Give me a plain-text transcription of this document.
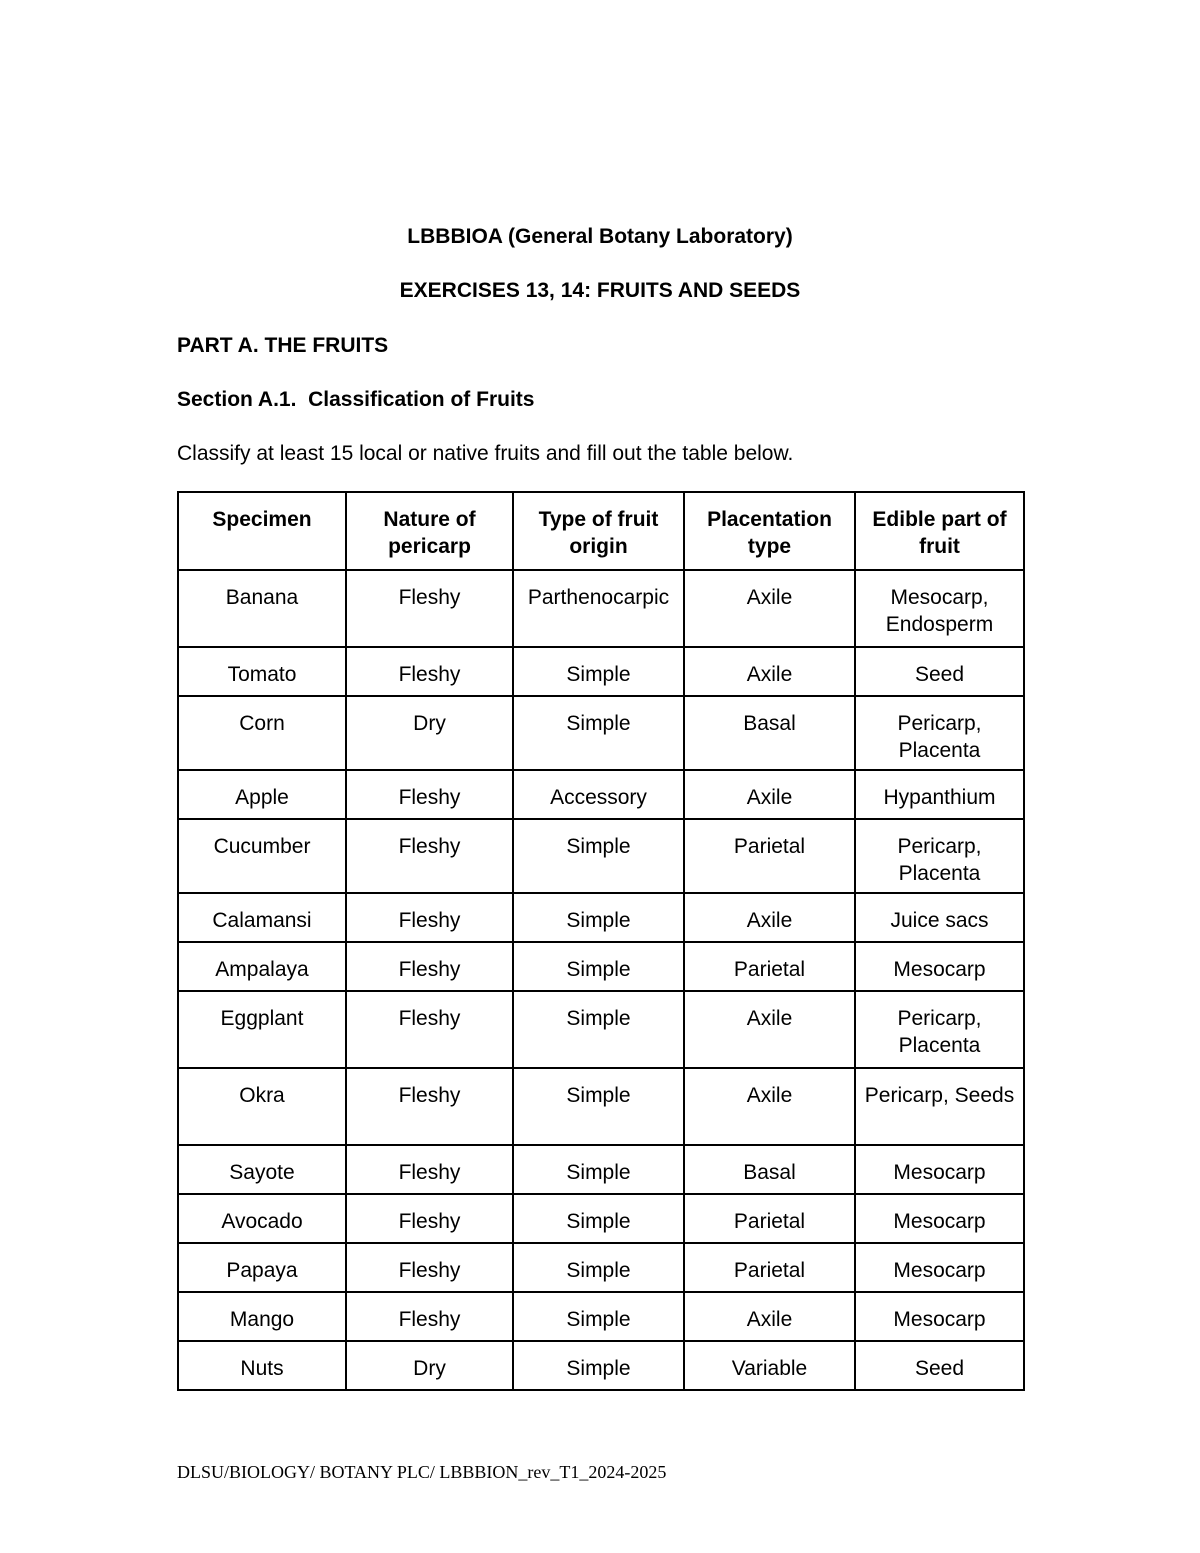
LBBBIOA (General Botany Laboratory)
EXERCISES 13, 14: FRUITS AND SEEDS

PART A. THE FRUITS

Section A.1.  Classification of Fruits

Classify at least 15 local or native fruits and fill out the table below.

Specimen	Nature of pericarp	Type of fruit origin	Placentation type	Edible part of fruit
Banana	Fleshy	Parthenocarpic	Axile	Mesocarp, Endosperm
Tomato	Fleshy	Simple	Axile	Seed
Corn	Dry	Simple	Basal	Pericarp, Placenta
Apple	Fleshy	Accessory	Axile	Hypanthium
Cucumber	Fleshy	Simple	Parietal	Pericarp, Placenta
Calamansi	Fleshy	Simple	Axile	Juice sacs
Ampalaya	Fleshy	Simple	Parietal	Mesocarp
Eggplant	Fleshy	Simple	Axile	Pericarp, Placenta
Okra	Fleshy	Simple	Axile	Pericarp, Seeds
Sayote	Fleshy	Simple	Basal	Mesocarp
Avocado	Fleshy	Simple	Parietal	Mesocarp
Papaya	Fleshy	Simple	Parietal	Mesocarp
Mango	Fleshy	Simple	Axile	Mesocarp
Nuts	Dry	Simple	Variable	Seed

DLSU/BIOLOGY/ BOTANY PLC/ LBBBION_rev_T1_2024-2025
